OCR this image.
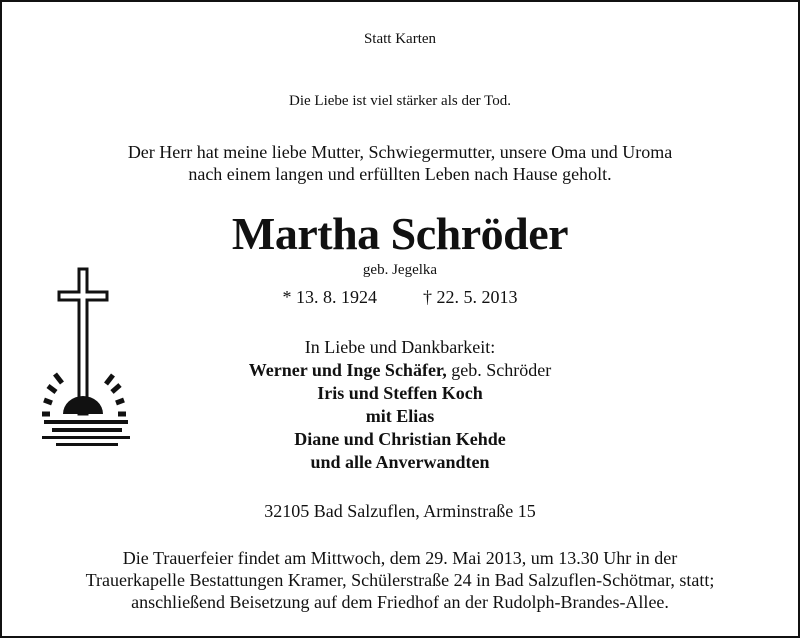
Statt Karten
Die Liebe ist viel stärker als der Tod.
Der Herr hat meine liebe Mutter, Schwiegermutter, unsere Oma und Uroma
nach einem langen und erfüllten Leben nach Hause geholt.
Martha Schröder
geb. Jegelka
* 13. 8. 1924	† 22. 5. 2013
In Liebe und Dankbarkeit:
Werner und Inge Schäfer, geb. Schröder
Iris und Steffen Koch
mit Elias
Diane und Christian Kehde
und alle Anverwandten
32105 Bad Salzuflen, Arminstraße 15
Die Trauerfeier findet am Mittwoch, dem 29. Mai 2013, um 13.30 Uhr in der
Trauerkapelle Bestattungen Kramer, Schülerstraße 24 in Bad Salzuflen-Schötmar, statt;
anschließend Beisetzung auf dem Friedhof an der Rudolph-Brandes-Allee.
